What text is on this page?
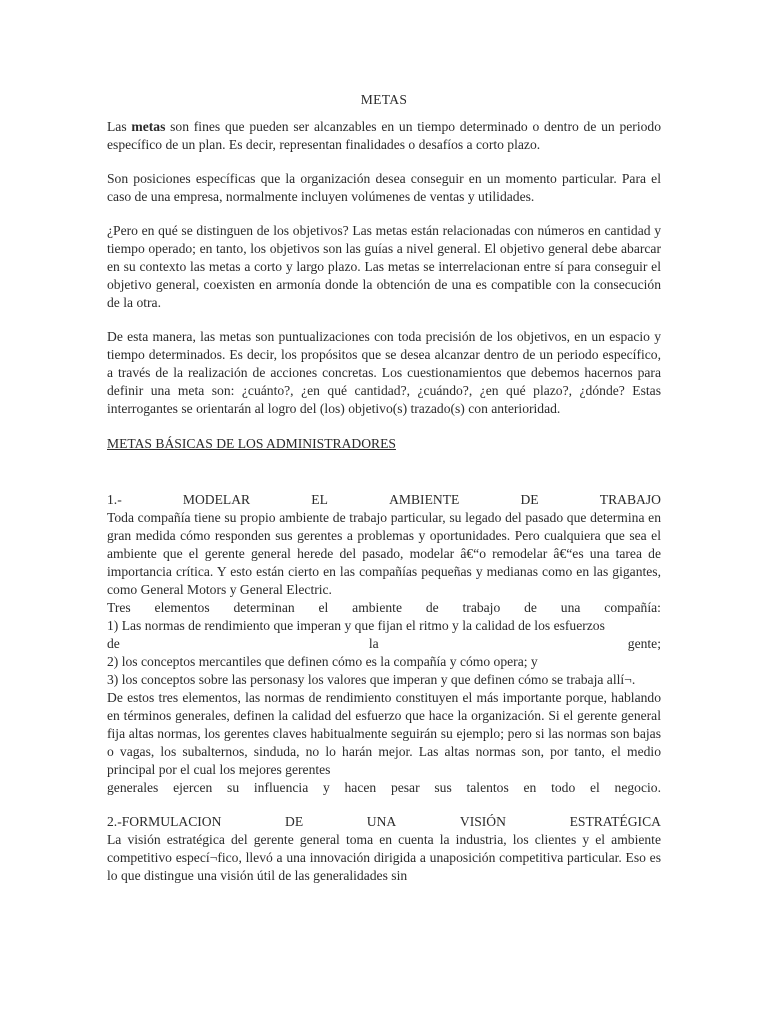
METAS

Las metas son fines que pueden ser alcanzables en un tiempo determinado o dentro de un periodo específico de un plan. Es decir, representan finalidades o desafíos a corto plazo.

Son posiciones específicas que la organización desea conseguir en un momento particular. Para el caso de una empresa, normalmente incluyen volúmenes de ventas y utilidades.

¿Pero en qué se distinguen de los objetivos? Las metas están relacionadas con números en cantidad y tiempo operado; en tanto, los objetivos son las guías a nivel general. El objetivo general debe abarcar en su contexto las metas a corto y largo plazo. Las metas se interrelacionan entre sí para conseguir el objetivo general, coexisten en armonía donde la obtención de una es compatible con la consecución de la otra.

De esta manera, las metas son puntualizaciones con toda precisión de los objetivos, en un espacio y tiempo determinados. Es decir, los propósitos que se desea alcanzar dentro de un periodo específico, a través de la realización de acciones concretas. Los cuestionamientos que debemos hacernos para definir una meta son: ¿cuánto?, ¿en qué cantidad?, ¿cuándo?, ¿en qué plazo?, ¿dónde? Estas interrogantes se orientarán al logro del (los) objetivo(s) trazado(s) con anterioridad.

METAS BÁSICAS DE LOS ADMINISTRADORES

1.-	MODELAR	EL	AMBIENTE	DE	TRABAJO

Toda compañía tiene su propio ambiente de trabajo particular, su legado del pasado que determina en gran medida cómo responden sus gerentes a problemas y oportunidades. Pero cualquiera que sea el ambiente que el gerente general herede del pasado, modelar â€“o remodelar â€“es una tarea de importancia crítica. Y esto están cierto en las compañías pequeñas y medianas como en las gigantes, como General Motors y General Electric.

Tres elementos determinan el ambiente de trabajo de una compañía:

1) Las normas de rendimiento que imperan y que fijan el ritmo y la calidad de los esfuerzos

de	la	gente;

2) los conceptos mercantiles que definen cómo es la compañía y cómo opera; y

3) los conceptos sobre las personasy los valores que imperan y que definen cómo se trabaja allí¬.

De estos tres elementos, las normas de rendimiento constituyen el más importante porque, hablando en términos generales, definen la calidad del esfuerzo que hace la organización. Si el gerente general fija altas normas, los gerentes claves habitualmente seguirán su ejemplo; pero si las normas son bajas o vagas, los subalternos, sinduda, no lo harán mejor. Las altas normas son, por tanto, el medio principal por el cual los mejores gerentes

generales ejercen su influencia y hacen pesar sus talentos en todo el negocio.
2.-FORMULACION	DE	UNA	VISIÓN	ESTRATÉGICA

La visión estratégica del gerente general toma en cuenta la industria, los clientes y el ambiente competitivo especí¬fico, llevó a una innovación dirigida a unaposición competitiva particular. Eso es lo que distingue una visión útil de las generalidades sin
